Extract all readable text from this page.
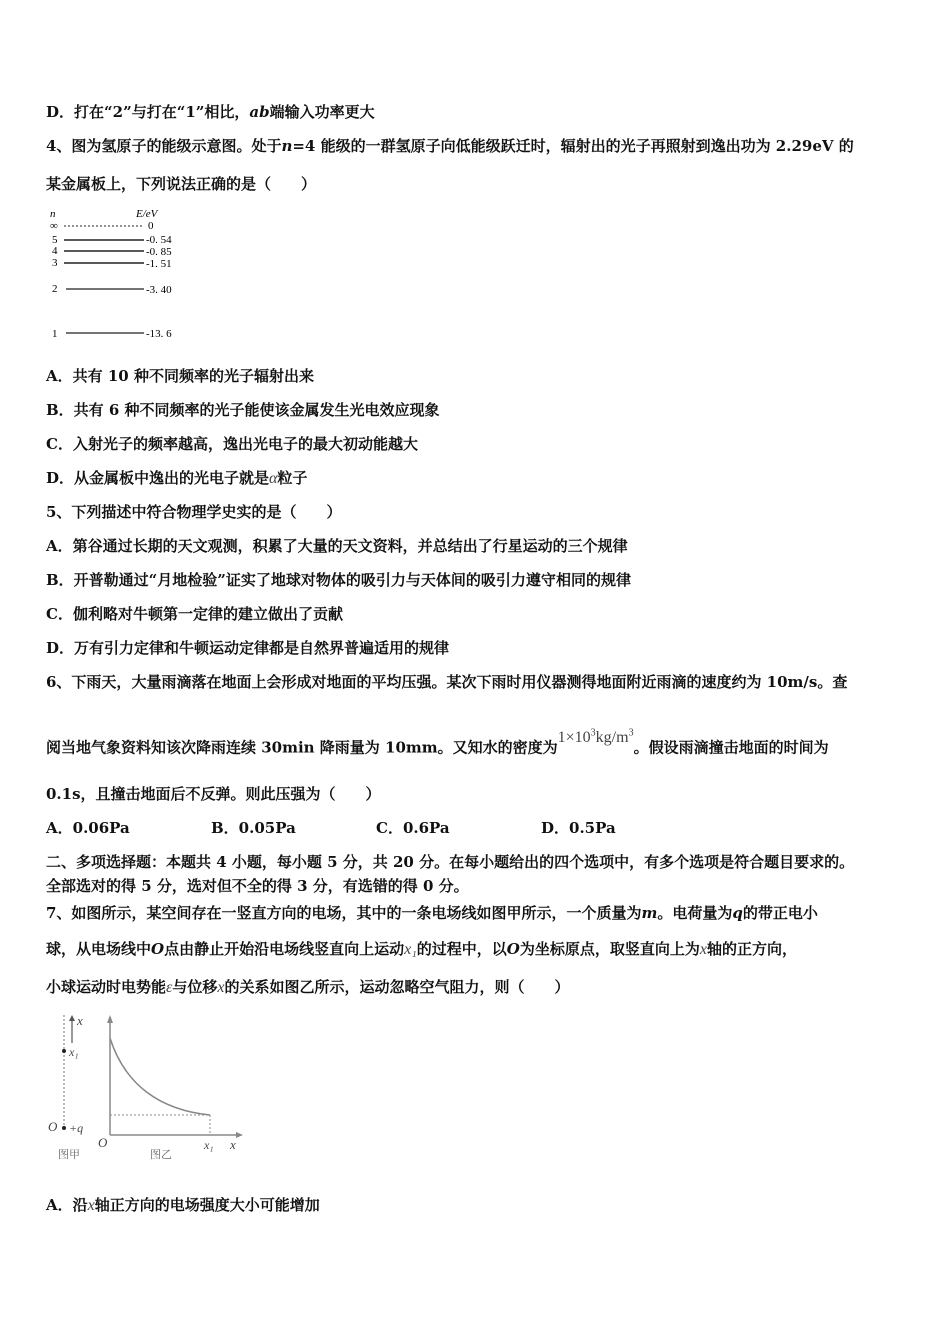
D．打在“2”与打在“1”相比，ab端输入功率更大
4、图为氢原子的能级示意图。处于n=4 能级的一群氢原子向低能级跃迁时，辐射出的光子再照射到逸出功为 2.29eV 的
某金属板上，下列说法正确的是（　　）
n	E/eV
∞	0
5	-0. 54
4	-0. 85
3	-1. 51
2	-3. 40
1	-13. 6
A．共有 10 种不同频率的光子辐射出来
B．共有 6 种不同频率的光子能使该金属发生光电效应现象
C．入射光子的频率越高，逸出光电子的最大初动能越大
D．从金属板中逸出的光电子就是α粒子
5、下列描述中符合物理学史实的是（　　）
A．第谷通过长期的天文观测，积累了大量的天文资料，并总结出了行星运动的三个规律
B．开普勒通过“月地检验”证实了地球对物体的吸引力与天体间的吸引力遵守相同的规律
C．伽利略对牛顿第一定律的建立做出了贡献
D．万有引力定律和牛顿运动定律都是自然界普遍适用的规律
6、下雨天，大量雨滴落在地面上会形成对地面的平均压强。某次下雨时用仪器测得地面附近雨滴的速度约为 10m/s。查
阅当地气象资料知该次降雨连续 30min 降雨量为 10mm。又知水的密度为$1\times 10^3kg/m^3$。假设雨滴撞击地面的时间为
0.1s，且撞击地面后不反弹。则此压强为（　　）
A．0.06Pa	B．0.05Pa	C．0.6Pa	D．0.5Pa
二、多项选择题：本题共 4 小题，每小题 5 分，共 20 分。在每小题给出的四个选项中，有多个选项是符合题目要求的。
全部选对的得 5 分，选对但不全的得 3 分，有选错的得 0 分。
7、如图所示，某空间存在一竖直方向的电场，其中的一条电场线如图甲所示，一个质量为m。电荷量为q的带正电小
球，从电场线中O点由静止开始沿电场线竖直向上运动x₁的过程中，以O为坐标原点，取竖直向上为x轴的正方向，
小球运动时电势能ε与位移x的关系如图乙所示，运动忽略空气阻力，则（　　）
x
x₁
O +q
图甲
O	x₁ x
图乙
A．沿x轴正方向的电场强度大小可能增加
